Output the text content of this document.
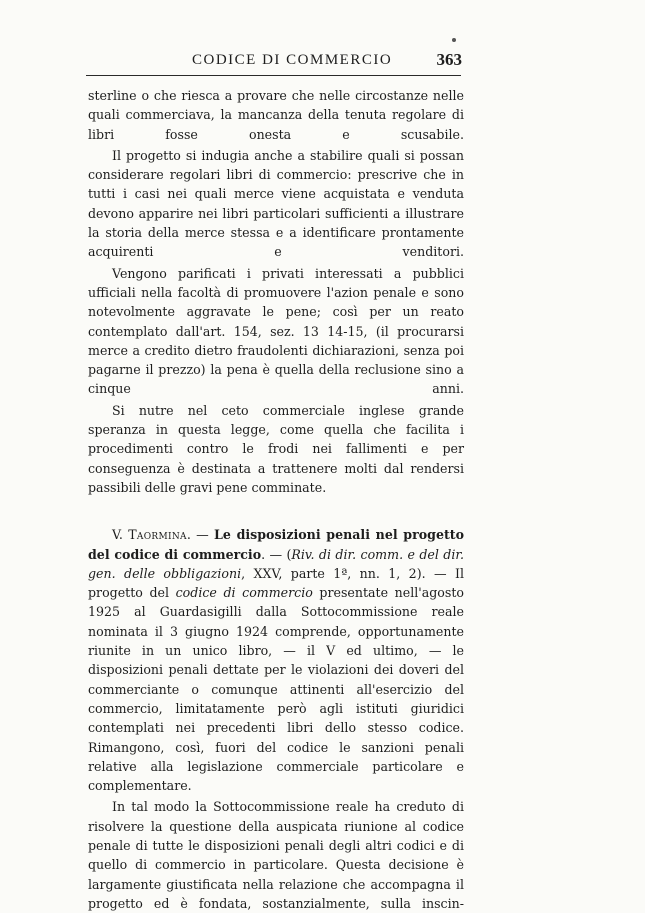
CODICE DI COMMERCIO	363

sterline o che riesca a provare che nelle circostanze nelle quali commerciava, la mancanza della tenuta regolare di libri fosse onesta e scusabile.

Il progetto si indugia anche a stabilire quali si possan considerare regolari libri di commercio: prescrive che in tutti i casi nei quali merce viene acquistata e venduta devono apparire nei libri particolari sufficienti a illustrare la storia della merce stessa e a identificare prontamente acquirenti e venditori.

Vengono parificati i privati interessati a pubblici ufficiali nella facoltà di promuovere l'azion penale e sono notevolmente aggravate le pene; così per un reato contemplato dall'art. 154, sez. 13 14-15, (il procurarsi merce a credito dietro fraudolenti dichiarazioni, senza poi pagarne il prezzo) la pena è quella della reclusione sino a cinque anni.

Si nutre nel ceto commerciale inglese grande speranza in questa legge, come quella che facilita i procedimenti contro le frodi nei fallimenti e per conseguenza è destinata a trattenere molti dal rendersi passibili delle gravi pene comminate.

V. Taormina. — Le disposizioni penali nel progetto del codice di commercio. — (Riv. di dir. comm. e del dir. gen. delle obbligazioni, XXV, parte 1ª, nn. 1, 2). — Il progetto del codice di commercio presentate nell'agosto 1925 al Guardasigilli dalla Sottocommissione reale nominata il 3 giugno 1924 comprende, opportunamente riunite in un unico libro, — il V ed ultimo, — le disposizioni penali dettate per le violazioni dei doveri del commerciante o comunque attinenti all'esercizio del commercio, limitatamente però agli istituti giuridici contemplati nei precedenti libri dello stesso codice. Rimangono, così, fuori del codice le sanzioni penali relative alla legislazione commerciale particolare e complementare.

In tal modo la Sottocommissione reale ha creduto di risolvere la questione della auspicata riunione al codice penale di tutte le disposizioni penali degli altri codici e di quello di commercio in particolare. Questa decisione è largamente giustificata nella relazione che accompagna il progetto ed è fondata, sostanzialmente, sulla inscin-
